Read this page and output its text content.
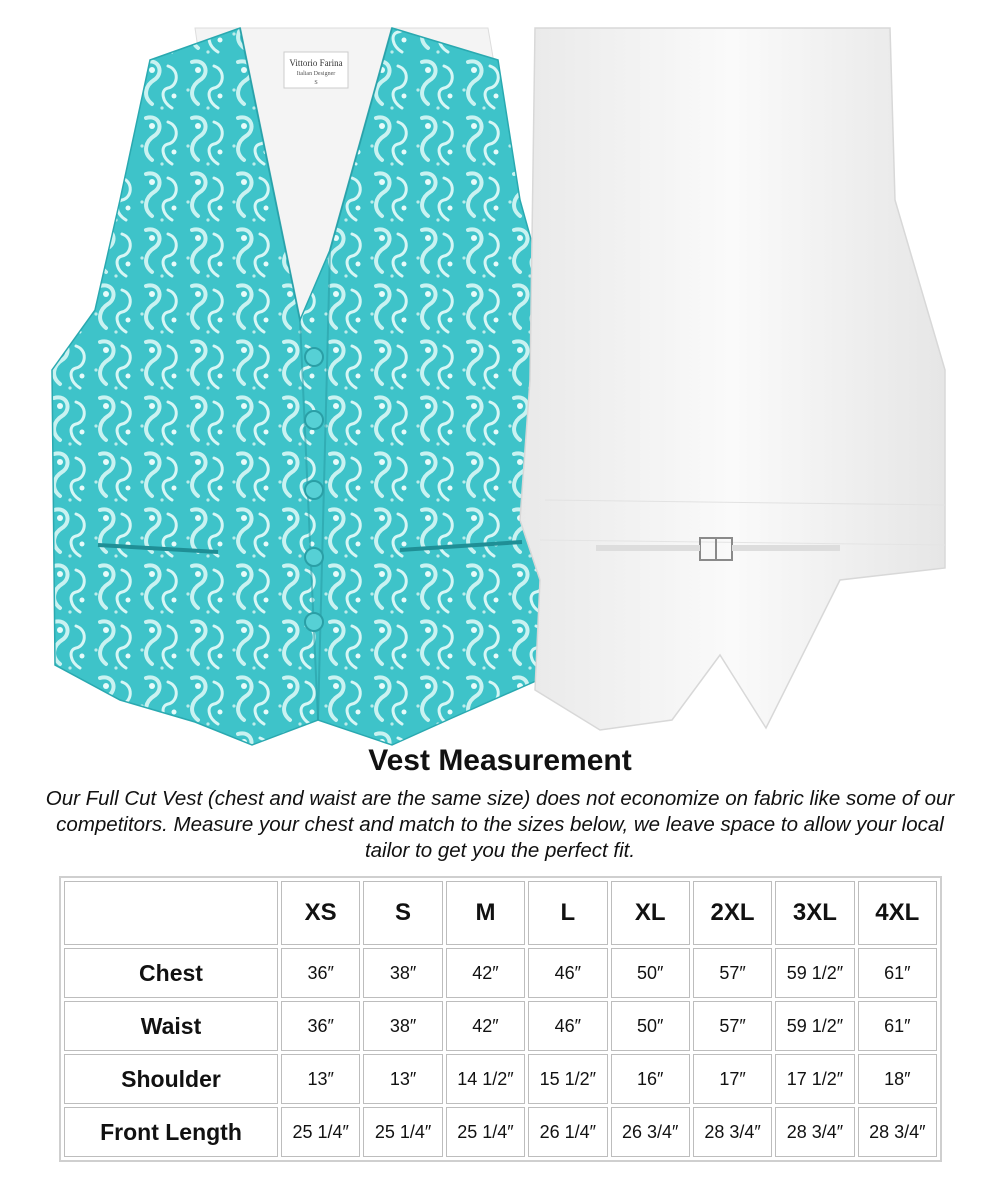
Vittorio Farina
Italian Designer
S
Vest Measurement
Our Full Cut Vest (chest and waist are the same size) does not economize on fabric like some of our competitors. Measure your chest and match to the sizes below, we leave space to allow your local tailor to get you the perfect fit.
	XS	S	M	L	XL	2XL	3XL	4XL
Chest	36″	38″	42″	46″	50″	57″	59 1/2″	61″
Waist	36″	38″	42″	46″	50″	57″	59 1/2″	61″
Shoulder	13″	13″	14 1/2″	15 1/2″	16″	17″	17 1/2″	18″
Front Length	25 1/4″	25 1/4″	25 1/4″	26 1/4″	26 3/4″	28 3/4″	28 3/4″	28 3/4″
